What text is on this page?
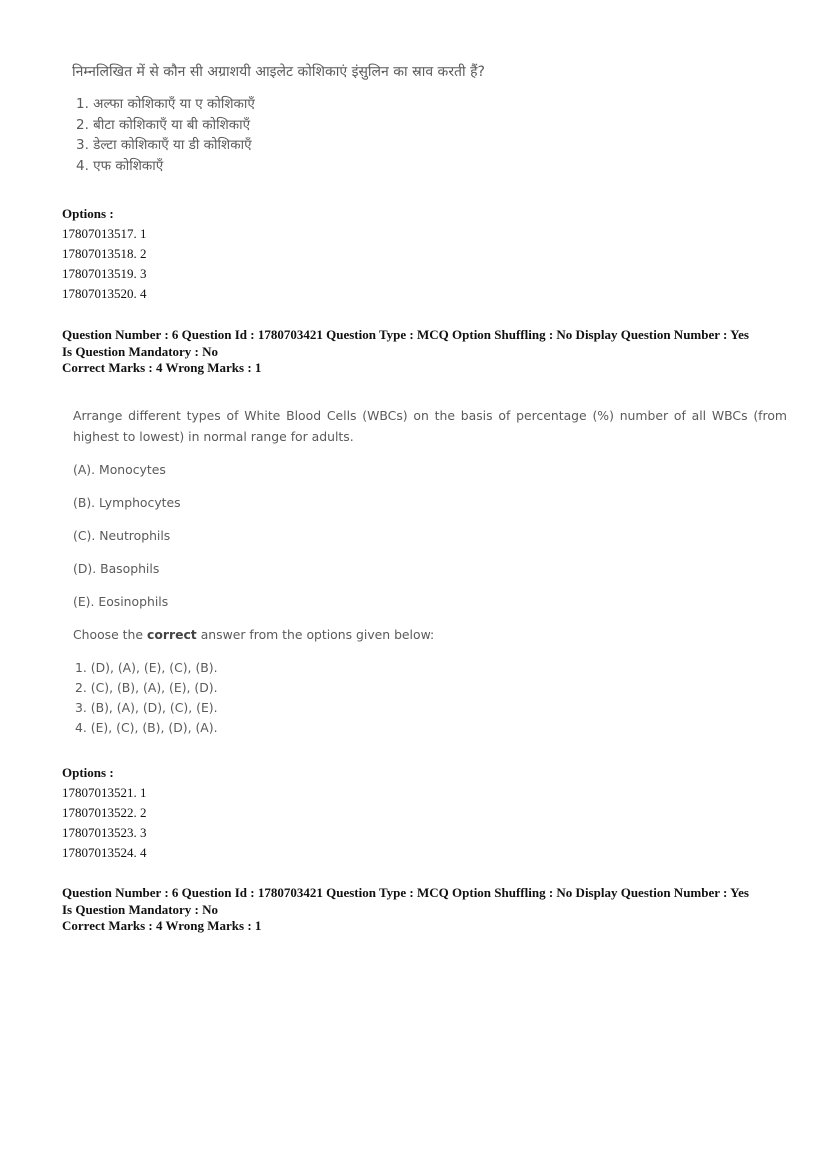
निम्नलिखित में से कौन सी अग्राशयी आइलेट कोशिकाएं इंसुलिन का स्राव करती हैं?
1. अल्फा कोशिकाएँ या ए कोशिकाएँ
2. बीटा कोशिकाएँ या बी कोशिकाएँ
3. डेल्टा कोशिकाएँ या डी कोशिकाएँ
4. एफ कोशिकाएँ
Options :
17807013517. 1
17807013518. 2
17807013519. 3
17807013520. 4
Question Number : 6 Question Id : 1780703421 Question Type : MCQ Option Shuffling : No Display Question Number : Yes
Is Question Mandatory : No
Correct Marks : 4 Wrong Marks : 1

Arrange different types of White Blood Cells (WBCs) on the basis of percentage (%) number of all WBCs (from highest to lowest) in normal range for adults.

(A). Monocytes
(B). Lymphocytes
(C). Neutrophils
(D). Basophils
(E). Eosinophils
Choose the correct answer from the options given below:
1. (D), (A), (E), (C), (B).
2. (C), (B), (A), (E), (D).
3. (B), (A), (D), (C), (E).
4. (E), (C), (B), (D), (A).
Options :
17807013521. 1
17807013522. 2
17807013523. 3
17807013524. 4
Question Number : 6 Question Id : 1780703421 Question Type : MCQ Option Shuffling : No Display Question Number : Yes
Is Question Mandatory : No
Correct Marks : 4 Wrong Marks : 1
